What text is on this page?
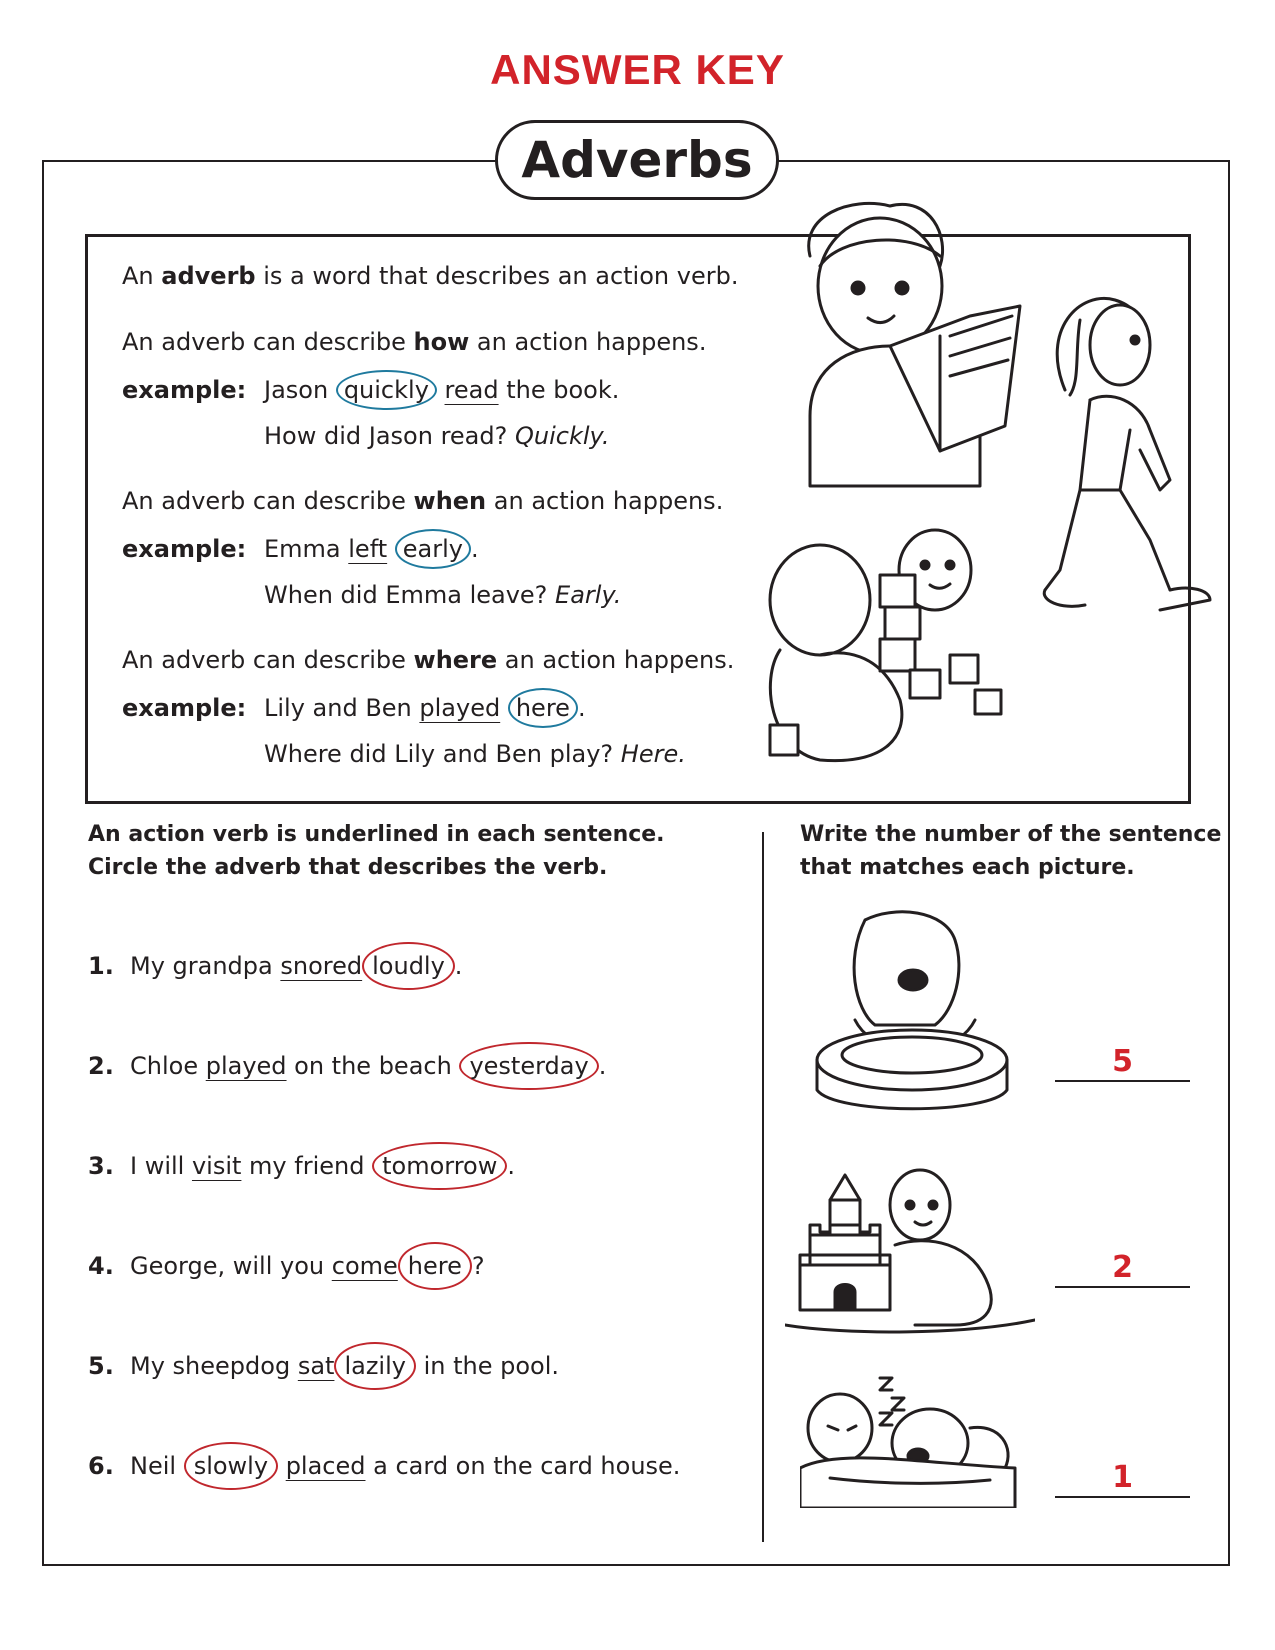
ANSWER KEY
Adverbs
An adverb is a word that describes an action verb.
An adverb can describe how an action happens.
example: Jason quickly read the book.
How did Jason read? Quickly.
An adverb can describe when an action happens.
example: Emma left early .
When did Emma leave? Early.
An adverb can describe where an action happens.
example: Lily and Ben played here .
Where did Lily and Ben play? Here.
An action verb is underlined in each sentence.
Circle the adverb that describes the verb.
1. My grandpa snored loudly .
2. Chloe played on the beach yesterday .
3. I will visit my friend tomorrow .
4. George, will you come here ?
5. My sheepdog sat lazily in the pool.
6. Neil slowly placed a card on the card house.
Write the number of the sentence
that matches each picture.
5
2
1
